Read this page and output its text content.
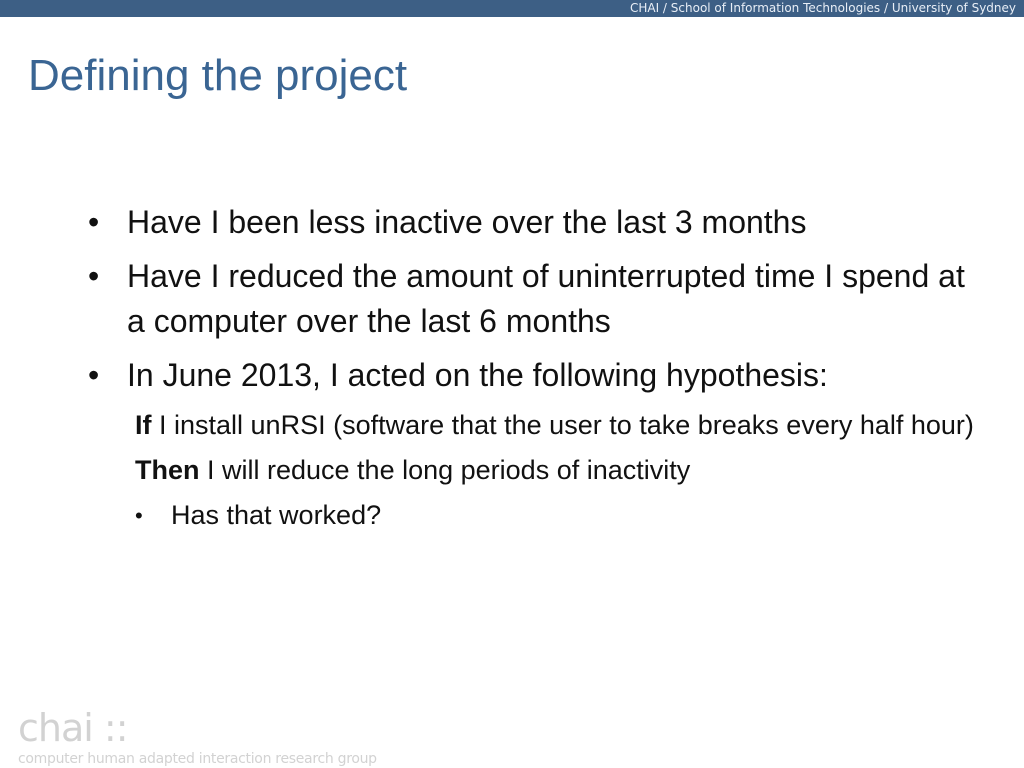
CHAI / School of Information Technologies / University of Sydney
Defining the project
• Have I been less inactive over the last 3 months
• Have I reduced the amount of uninterrupted time I spend at a computer over the last 6 months
• In June 2013, I acted on the following hypothesis:
If I install unRSI (software that the user to take breaks every half hour)
Then I will reduce the long periods of inactivity
• Has that worked?
chai ::
computer human adapted interaction research group
